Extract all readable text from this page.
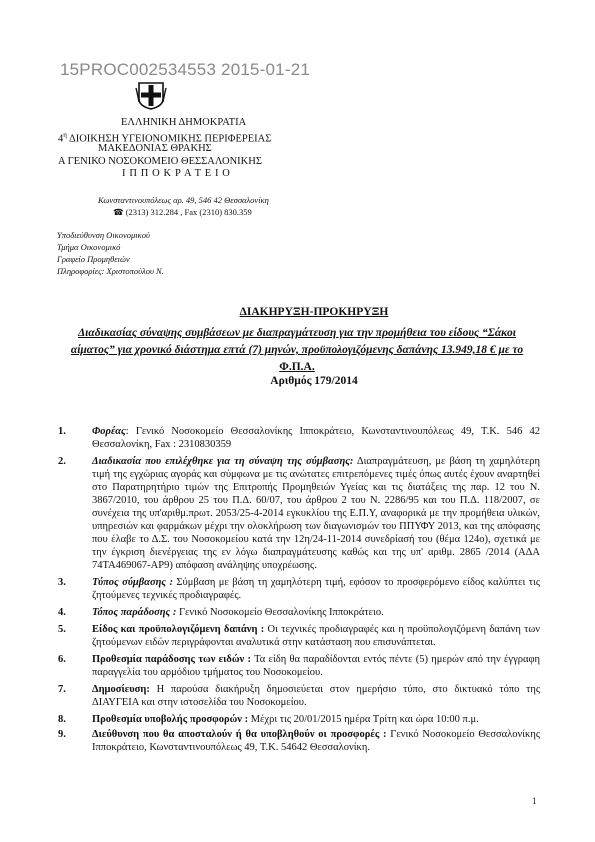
15PROC002534553 2015-01-21
ΕΛΛΗΝΙΚΗ ΔΗΜΟΚΡΑΤΙΑ
$4^\eta$ ΔΙΟΙΚΗΣΗ ΥΓΕΙΟΝΟΜΙΚΗΣ ΠΕΡΙΦΕΡΕΙΑΣ
ΜΑΚΕΔΟΝΙΑΣ ΘΡΑΚΗΣ
Α ΓΕΝΙΚΟ ΝΟΣΟΚΟΜΕΙΟ ΘΕΣΣΑΛΟΝΙΚΗΣ
Ι Π Π Ο Κ Ρ Α Τ Ε Ι Ο
Κωνσταντινουπόλεως αρ. 49, 546 42 Θεσσαλονίκη
☎ (2313) 312.284 , Fax (2310) 830.359
Υποδιεύθυνση Οικονομικού
Τμήμα Οικονομικό
Γραφείο Προμηθειών
Πληροφορίες: Χριστοπούλου Ν.
ΔΙΑΚΗΡΥΞΗ-ΠΡΟΚΗΡΥΞΗ
Διαδικασίας σύναψης συμβάσεων με διαπραγμάτευση για την προμήθεια του είδους “Σάκοι αίματος” για χρονικό διάστημα επτά (7) μηνών, προϋπολογιζόμενης δαπάνης 13.949,18 € με το
Φ.Π.Α.
Αριθμός 179/2014
1. Φορέας: Γενικό Νοσοκομείο Θεσσαλονίκης Ιπποκράτειο, Κωνσταντινουπόλεως 49, Τ.Κ. 546 42 Θεσσαλονίκη, Fax : 2310830359
2. Διαδικασία που επιλέχθηκε για τη σύναψη της σύμβασης: Διαπραγμάτευση, με βάση τη χαμηλότερη τιμή της εγχώριας αγοράς και σύμφωνα με τις ανώτατες επιτρεπόμενες τιμές όπως αυτές έχουν αναρτηθεί στο Παρατηρητήριο τιμών της Επιτροπής Προμηθειών Υγείας και τις διατάξεις της παρ. 12 του Ν. 3867/2010, του άρθρου 25 του Π.Δ. 60/07, του άρθρου 2 του Ν. 2286/95 και του Π.Δ. 118/2007, σε συνέχεια της υπ'αριθμ.πρωτ. 2053/25-4-2014 εγκυκλίου της Ε.Π.Υ, αναφορικά με την προμήθεια υλικών, υπηρεσιών και φαρμάκων μέχρι την ολοκλήρωση των διαγωνισμών του ΠΠΥΦΥ 2013, και της απόφασης που έλαβε το Δ.Σ. του Νοσοκομείου κατά την 12η/24-11-2014 συνεδρίασή του (θέμα 124ο), σχετικά με την έγκριση διενέργειας της εν λόγω διαπραγμάτευσης καθώς και της υπ' αριθμ. 2865 /2014 (ΑΔΑ 74ΤΑ469067-ΑΡ9) απόφαση ανάληψης υποχρέωσης.
3. Τύπος σύμβασης : Σύμβαση με βάση τη χαμηλότερη τιμή, εφόσον το προσφερόμενο είδος καλύπτει τις ζητούμενες τεχνικές προδιαγραφές.
4. Τόπος παράδοσης : Γενικό Νοσοκομείο Θεσσαλονίκης Ιπποκράτειο.
5. Είδος και προϋπολογιζόμενη δαπάνη : Οι τεχνικές προδιαγραφές και η προϋπολογιζόμενη δαπάνη των ζητούμενων ειδών περιγράφονται αναλυτικά στην κατάσταση που επισυνάπτεται.
6. Προθεσμία παράδοσης των ειδών : Τα είδη θα παραδίδονται εντός πέντε (5) ημερών από την έγγραφη παραγγελία του αρμόδιου τμήματος του Νοσοκομείου.
7. Δημοσίευση: Η παρούσα διακήρυξη δημοσιεύεται στον ημερήσιο τύπο, στο δικτυακό τόπο της ΔΙΑΥΓΕΙΑ και στην ιστοσελίδα του Νοσοκομείου.
8. Προθεσμία υποβολής προσφορών : Μέχρι τις 20/01/2015 ημέρα Τρίτη και ώρα 10:00 π.μ.
9. Διεύθυνση που θα αποσταλούν ή θα υποβληθούν οι προσφορές : Γενικό Νοσοκομείο Θεσσαλονίκης Ιπποκράτειο, Κωνσταντινουπόλεως 49, Τ.Κ. 54642 Θεσσαλονίκη.
1
